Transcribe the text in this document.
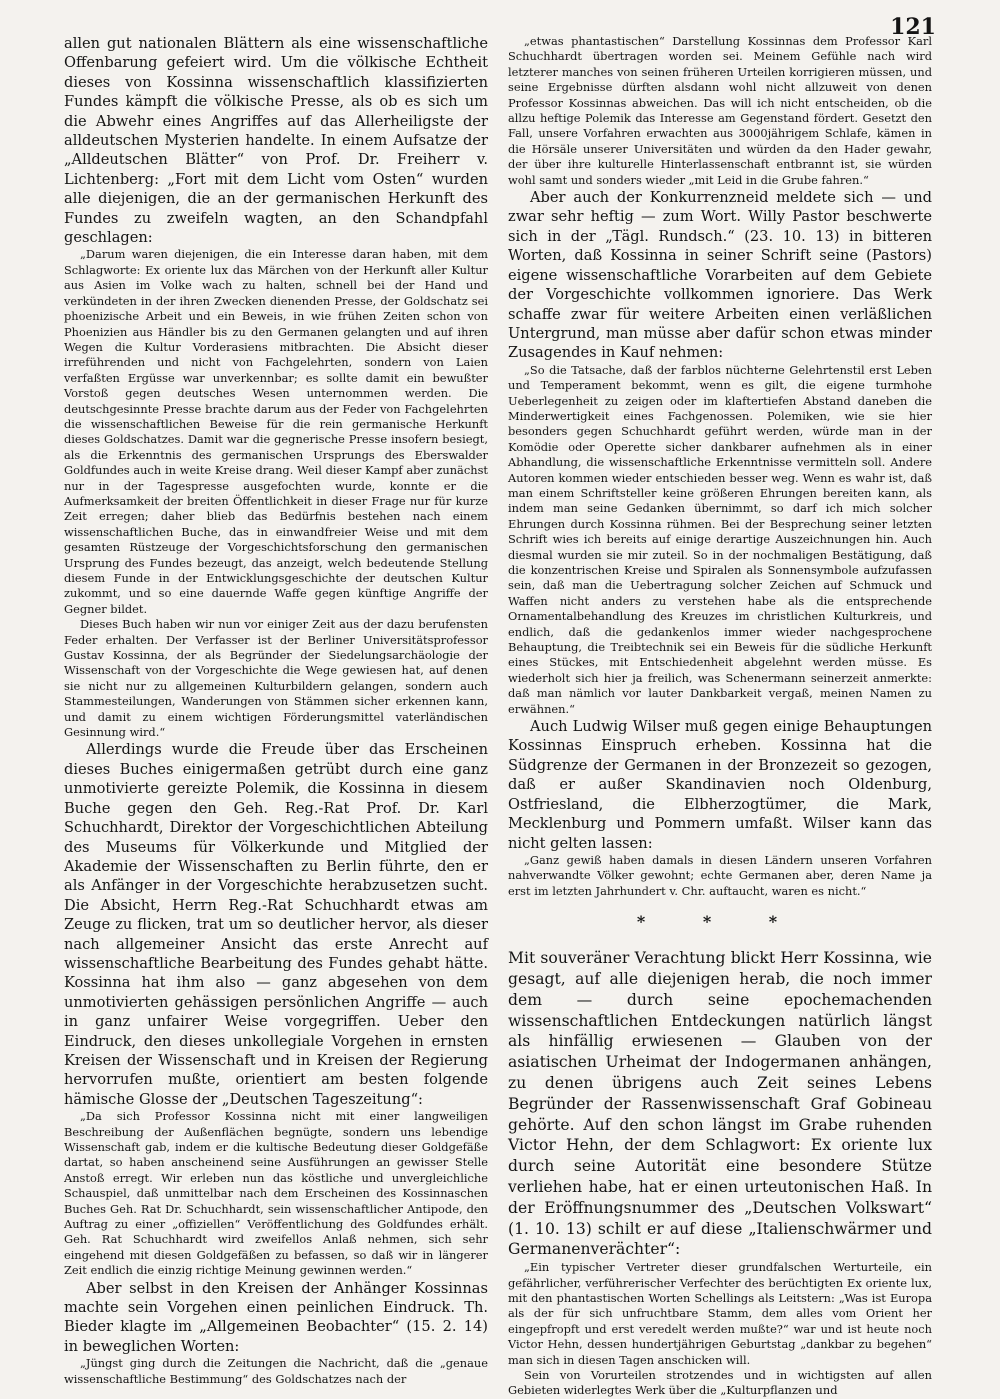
121

allen gut nationalen Blättern als eine wissenschaftliche Offenbarung gefeiert wird. Um die völkische Echtheit dieses von Kossinna wissenschaftlich klassifizierten Fundes kämpft die völkische Presse, als ob es sich um die Abwehr eines Angriffes auf das Allerheiligste der alldeutschen Mysterien handelte. In einem Aufsatze der „Alldeutschen Blätter“ von Prof. Dr. Freiherr v. Lichtenberg: „Fort mit dem Licht vom Osten“ wurden alle diejenigen, die an der germanischen Herkunft des Fundes zu zweifeln wagten, an den Schandpfahl geschlagen:

„Darum waren diejenigen, die ein Interesse daran haben, mit dem Schlagworte: Ex oriente lux das Märchen von der Herkunft aller Kultur aus Asien im Volke wach zu halten, schnell bei der Hand und verkündeten in der ihren Zwecken dienenden Presse, der Goldschatz sei phoenizische Arbeit und ein Beweis, in wie frühen Zeiten schon von Phoenizien aus Händler bis zu den Germanen gelangten und auf ihren Wegen die Kultur Vorderasiens mitbrachten. Die Absicht dieser irreführenden und nicht von Fachgelehrten, sondern von Laien verfaßten Ergüsse war unverkennbar; es sollte damit ein bewußter Vorstoß gegen deutsches Wesen unternommen werden. Die deutschgesinnte Presse brachte darum aus der Feder von Fachgelehrten die wissenschaftlichen Beweise für die rein germanische Herkunft dieses Goldschatzes. Damit war die gegnerische Presse insofern besiegt, als die Erkenntnis des germanischen Ursprungs des Eberswalder Goldfundes auch in weite Kreise drang. Weil dieser Kampf aber zunächst nur in der Tagespresse ausgefochten wurde, konnte er die Aufmerksamkeit der breiten Öffentlichkeit in dieser Frage nur für kurze Zeit erregen; daher blieb das Bedürfnis bestehen nach einem wissenschaftlichen Buche, das in einwandfreier Weise und mit dem gesamten Rüstzeuge der Vorgeschichtsforschung den germanischen Ursprung des Fundes bezeugt, das anzeigt, welch bedeutende Stellung diesem Funde in der Entwicklungsgeschichte der deutschen Kultur zukommt, und so eine dauernde Waffe gegen künftige Angriffe der Gegner bildet.

Dieses Buch haben wir nun vor einiger Zeit aus der dazu berufensten Feder erhalten. Der Verfasser ist der Berliner Universitätsprofessor Gustav Kossinna, der als Begründer der Siedelungsarchäologie der Wissenschaft von der Vorgeschichte die Wege gewiesen hat, auf denen sie nicht nur zu allgemeinen Kulturbildern gelangen, sondern auch Stammesteilungen, Wanderungen von Stämmen sicher erkennen kann, und damit zu einem wichtigen Förderungsmittel vaterländischen Gesinnung wird.“

Allerdings wurde die Freude über das Erscheinen dieses Buches einigermaßen getrübt durch eine ganz unmotivierte gereizte Polemik, die Kossinna in diesem Buche gegen den Geh. Reg.-Rat Prof. Dr. Karl Schuchhardt, Direktor der Vorgeschichtlichen Abteilung des Museums für Völkerkunde und Mitglied der Akademie der Wissenschaften zu Berlin führte, den er als Anfänger in der Vorgeschichte herabzusetzen sucht. Die Absicht, Herrn Reg.-Rat Schuchhardt etwas am Zeuge zu flicken, trat um so deutlicher hervor, als dieser nach allgemeiner Ansicht das erste Anrecht auf wissenschaftliche Bearbeitung des Fundes gehabt hätte. Kossinna hat ihm also — ganz abgesehen von dem unmotivierten gehässigen persönlichen Angriffe — auch in ganz unfairer Weise vorgegriffen. Ueber den Eindruck, den dieses unkollegiale Vorgehen in ernsten Kreisen der Wissenschaft und in Kreisen der Regierung hervorrufen mußte, orientiert am besten folgende hämische Glosse der „Deutschen Tageszeitung“:

„Da sich Professor Kossinna nicht mit einer langweiligen Beschreibung der Außenflächen begnügte, sondern uns lebendige Wissenschaft gab, indem er die kultische Bedeutung dieser Goldgefäße dartat, so haben anscheinend seine Ausführungen an gewisser Stelle Anstoß erregt. Wir erleben nun das köstliche und unvergleichliche Schauspiel, daß unmittelbar nach dem Erscheinen des Kossinnaschen Buches Geh. Rat Dr. Schuchhardt, sein wissenschaftlicher Antipode, den Auftrag zu einer „offiziellen“ Veröffentlichung des Goldfundes erhält. Geh. Rat Schuchhardt wird zweifellos Anlaß nehmen, sich sehr eingehend mit diesen Goldgefäßen zu befassen, so daß wir in längerer Zeit endlich die einzig richtige Meinung gewinnen werden.“

Aber selbst in den Kreisen der Anhänger Kossinnas machte sein Vorgehen einen peinlichen Eindruck. Th. Bieder klagte im „Allgemeinen Beobachter“ (15. 2. 14) in beweglichen Worten:

„Jüngst ging durch die Zeitungen die Nachricht, daß die „genaue wissenschaftliche Bestimmung“ des Goldschatzes nach der

„etwas phantastischen“ Darstellung Kossinnas dem Professor Karl Schuchhardt übertragen worden sei. Meinem Gefühle nach wird letzterer manches von seinen früheren Urteilen korrigieren müssen, und seine Ergebnisse dürften alsdann wohl nicht allzuweit von denen Professor Kossinnas abweichen. Das will ich nicht entscheiden, ob die allzu heftige Polemik das Interesse am Gegenstand fördert. Gesetzt den Fall, unsere Vorfahren erwachten aus 3000jährigem Schlafe, kämen in die Hörsäle unserer Universitäten und würden da den Hader gewahr, der über ihre kulturelle Hinterlassenschaft entbrannt ist, sie würden wohl samt und sonders wieder „mit Leid in die Grube fahren.“

Aber auch der Konkurrenzneid meldete sich — und zwar sehr heftig — zum Wort. Willy Pastor beschwerte sich in der „Tägl. Rundsch.“ (23. 10. 13) in bitteren Worten, daß Kossinna in seiner Schrift seine (Pastors) eigene wissenschaftliche Vorarbeiten auf dem Gebiete der Vorgeschichte vollkommen ignoriere. Das Werk schaffe zwar für weitere Arbeiten einen verläßlichen Untergrund, man müsse aber dafür schon etwas minder Zusagendes in Kauf nehmen:

„So die Tatsache, daß der farblos nüchterne Gelehrtenstil erst Leben und Temperament bekommt, wenn es gilt, die eigene turmhohe Ueberlegenheit zu zeigen oder im klaftertiefen Abstand daneben die Minderwertigkeit eines Fachgenossen. Polemiken, wie sie hier besonders gegen Schuchhardt geführt werden, würde man in der Komödie oder Operette sicher dankbarer aufnehmen als in einer Abhandlung, die wissenschaftliche Erkenntnisse vermitteln soll. Andere Autoren kommen wieder entschieden besser weg. Wenn es wahr ist, daß man einem Schriftsteller keine größeren Ehrungen bereiten kann, als indem man seine Gedanken übernimmt, so darf ich mich solcher Ehrungen durch Kossinna rühmen. Bei der Besprechung seiner letzten Schrift wies ich bereits auf einige derartige Auszeichnungen hin. Auch diesmal wurden sie mir zuteil. So in der nochmaligen Bestätigung, daß die konzentrischen Kreise und Spiralen als Sonnensymbole aufzufassen sein, daß man die Uebertragung solcher Zeichen auf Schmuck und Waffen nicht anders zu verstehen habe als die entsprechende Ornamentalbehandlung des Kreuzes im christlichen Kulturkreis, und endlich, daß die gedankenlos immer wieder nachgesprochene Behauptung, die Treibtechnik sei ein Beweis für die südliche Herkunft eines Stückes, mit Entschiedenheit abgelehnt werden müsse. Es wiederholt sich hier ja freilich, was Schenermann seinerzeit anmerkte: daß man nämlich vor lauter Dankbarkeit vergaß, meinen Namen zu erwähnen.“

Auch Ludwig Wilser muß gegen einige Behauptungen Kossinnas Einspruch erheben. Kossinna hat die Südgrenze der Germanen in der Bronzezeit so gezogen, daß er außer Skandinavien noch Oldenburg, Ostfriesland, die Elbherzogtümer, die Mark, Mecklenburg und Pommern umfaßt. Wilser kann das nicht gelten lassen:

„Ganz gewiß haben damals in diesen Ländern unseren Vorfahren nahverwandte Völker gewohnt; echte Germanen aber, deren Name ja erst im letzten Jahrhundert v. Chr. auftaucht, waren es nicht.“

* * *

Mit souveräner Verachtung blickt Herr Kossinna, wie gesagt, auf alle diejenigen herab, die noch immer dem — durch seine epochemachenden wissenschaftlichen Entdeckungen natürlich längst als hinfällig erwiesenen — Glauben von der asiatischen Urheimat der Indogermanen anhängen, zu denen übrigens auch Zeit seines Lebens Begründer der Rassenwissenschaft Graf Gobineau gehörte. Auf den schon längst im Grabe ruhenden Victor Hehn, der dem Schlagwort: Ex oriente lux durch seine Autorität eine besondere Stütze verliehen habe, hat er einen urteutonischen Haß. In der Eröffnungsnummer des „Deutschen Volkswart“ (1. 10. 13) schilt er auf diese „Italienschwärmer und Germanenverächter“:

„Ein typischer Vertreter dieser grundfalschen Werturteile, ein gefährlicher, verführerischer Verfechter des berüchtigten Ex oriente lux, mit den phantastischen Worten Schellings als Leitstern: „Was ist Europa als der für sich unfruchtbare Stamm, dem alles vom Orient her eingepfropft und erst veredelt werden mußte?“ war und ist heute noch Victor Hehn, dessen hundertjährigen Geburtstag „dankbar zu begehen“ man sich in diesen Tagen anschicken will.

Sein von Vorurteilen strotzendes und in wichtigsten auf allen Gebieten widerlegtes Werk über die „Kulturpflanzen und
